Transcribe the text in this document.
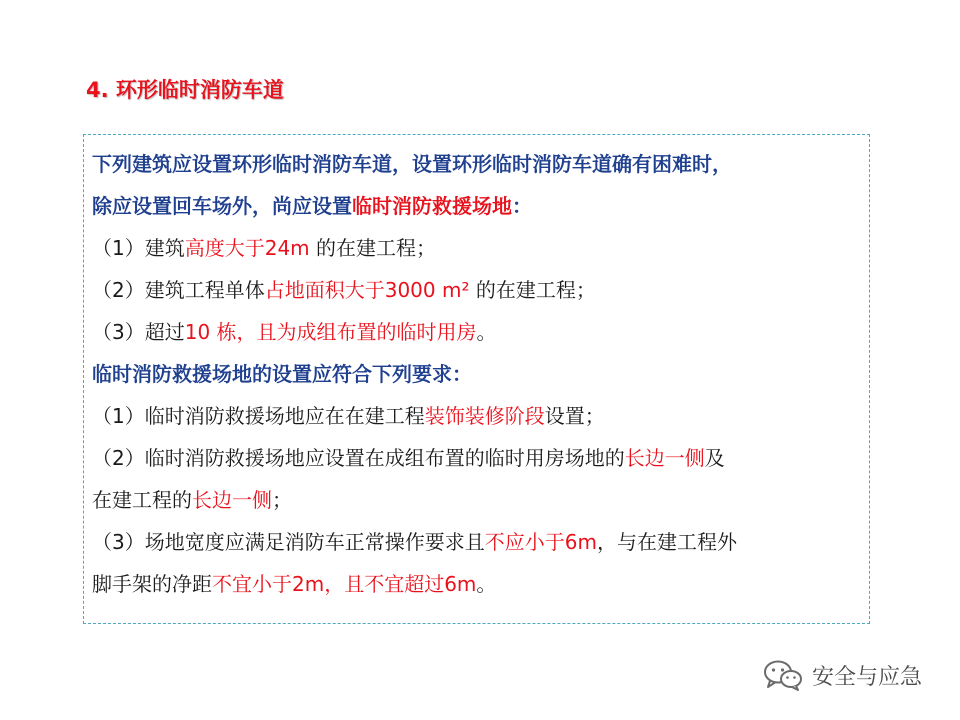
4. 环形临时消防车道
下列建筑应设置环形临时消防车道，设置环形临时消防车道确有困难时，
除应设置回车场外，尚应设置临时消防救援场地：
（1）建筑高度大于24m 的在建工程；
（2）建筑工程单体占地面积大于3000 m² 的在建工程；
（3）超过10 栋，且为成组布置的临时用房。
临时消防救援场地的设置应符合下列要求：
（1）临时消防救援场地应在在建工程装饰装修阶段设置；
（2）临时消防救援场地应设置在成组布置的临时用房场地的长边一侧及
在建工程的长边一侧；
（3）场地宽度应满足消防车正常操作要求且不应小于6m，与在建工程外
脚手架的净距不宜小于2m，且不宜超过6m。
安全与应急
